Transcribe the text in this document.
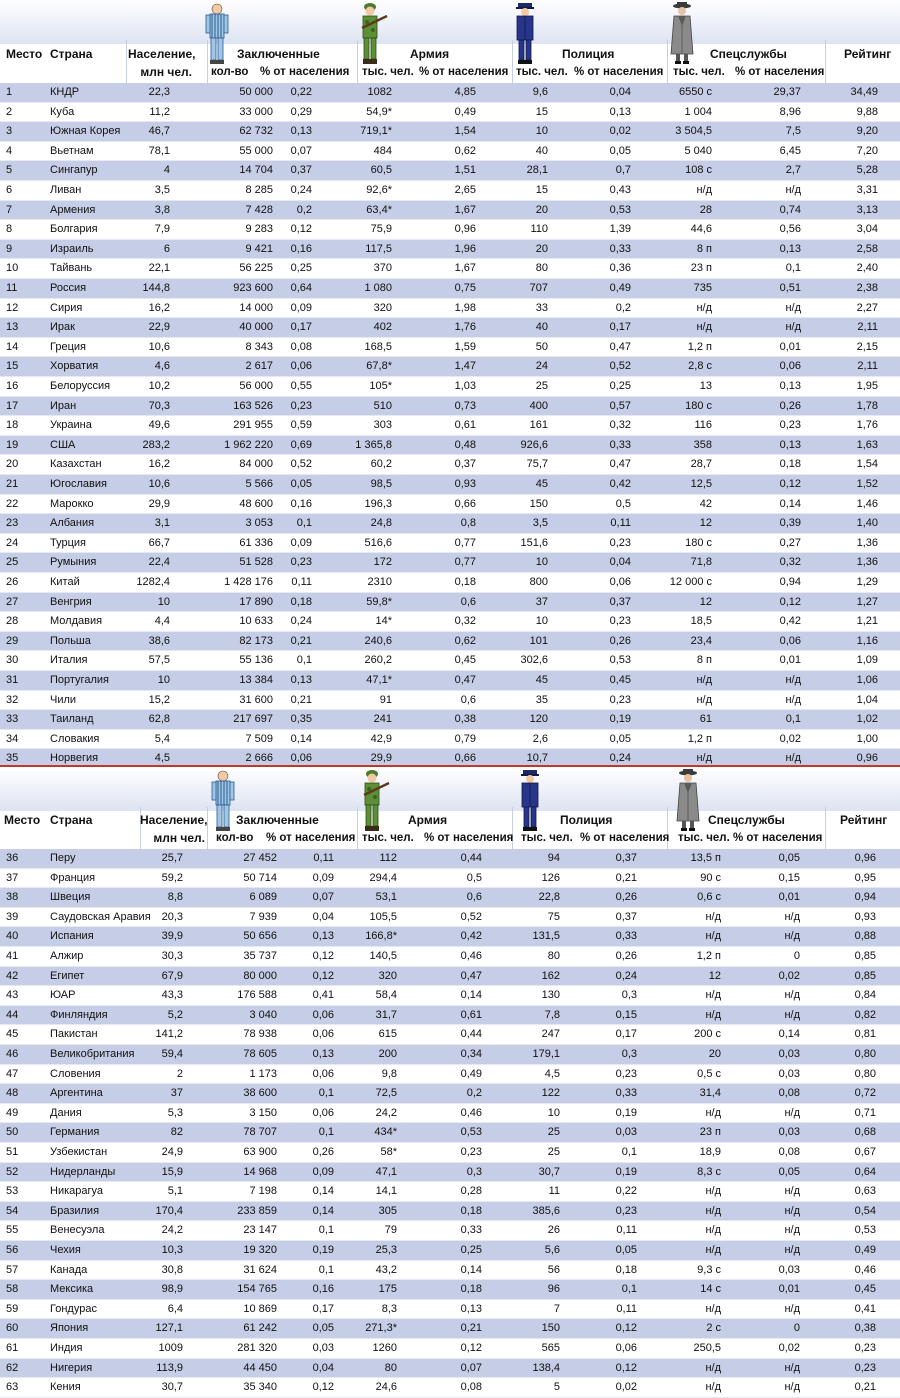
Место Страна	Население,
млн чел.
Заключенные
кол-во % от населения
Армия
тыс. чел. % от населения
Полиция
тыс. чел. % от населения
Спецслужбы
тыс. чел. % от населения
Рейтинг
1	КНДР	22,3	50 000	0,22	1082	4,85	9,6	0,04	6550 с	29,37	34,49
2	Куба	11,2	33 000	0,29	54,9*	0,49	15	0,13	1 004	8,96	9,88
3	Южная Корея	46,7	62 732	0,13	719,1*	1,54	10	0,02	3 504,5	7,5	9,20
4	Вьетнам	78,1	55 000	0,07	484	0,62	40	0,05	5 040	6,45	7,20
5	Сингапур	4	14 704	0,37	60,5	1,51	28,1	0,7	108 с	2,7	5,28
6	Ливан	3,5	8 285	0,24	92,6*	2,65	15	0,43	н/д	н/д	3,31
7	Армения	3,8	7 428	0,2	63,4*	1,67	20	0,53	28	0,74	3,13
8	Болгария	7,9	9 283	0,12	75,9	0,96	110	1,39	44,6	0,56	3,04
9	Израиль	6	9 421	0,16	117,5	1,96	20	0,33	8 п	0,13	2,58
10	Тайвань	22,1	56 225	0,25	370	1,67	80	0,36	23 п	0,1	2,40
11	Россия	144,8	923 600	0,64	1 080	0,75	707	0,49	735	0,51	2,38
12	Сирия	16,2	14 000	0,09	320	1,98	33	0,2	н/д	н/д	2,27
13	Ирак	22,9	40 000	0,17	402	1,76	40	0,17	н/д	н/д	2,11
14	Греция	10,6	8 343	0,08	168,5	1,59	50	0,47	1,2 п	0,01	2,15
15	Хорватия	4,6	2 617	0,06	67,8*	1,47	24	0,52	2,8 с	0,06	2,11
16	Белоруссия	10,2	56 000	0,55	105*	1,03	25	0,25	13	0,13	1,95
17	Иран	70,3	163 526	0,23	510	0,73	400	0,57	180 с	0,26	1,78
18	Украина	49,6	291 955	0,59	303	0,61	161	0,32	116	0,23	1,76
19	США	283,2	1 962 220	0,69	1 365,8	0,48	926,6	0,33	358	0,13	1,63
20	Казахстан	16,2	84 000	0,52	60,2	0,37	75,7	0,47	28,7	0,18	1,54
21	Югославия	10,6	5 566	0,05	98,5	0,93	45	0,42	12,5	0,12	1,52
22	Марокко	29,9	48 600	0,16	196,3	0,66	150	0,5	42	0,14	1,46
23	Албания	3,1	3 053	0,1	24,8	0,8	3,5	0,11	12	0,39	1,40
24	Турция	66,7	61 336	0,09	516,6	0,77	151,6	0,23	180 с	0,27	1,36
25	Румыния	22,4	51 528	0,23	172	0,77	10	0,04	71,8	0,32	1,36
26	Китай	1282,4	1 428 176	0,11	2310	0,18	800	0,06	12 000 с	0,94	1,29
27	Венгрия	10	17 890	0,18	59,8*	0,6	37	0,37	12	0,12	1,27
28	Молдавия	4,4	10 633	0,24	14*	0,32	10	0,23	18,5	0,42	1,21
29	Польша	38,6	82 173	0,21	240,6	0,62	101	0,26	23,4	0,06	1,16
30	Италия	57,5	55 136	0,1	260,2	0,45	302,6	0,53	8 п	0,01	1,09
31	Португалия	10	13 384	0,13	47,1*	0,47	45	0,45	н/д	н/д	1,06
32	Чили	15,2	31 600	0,21	91	0,6	35	0,23	н/д	н/д	1,04
33	Таиланд	62,8	217 697	0,35	241	0,38	120	0,19	61	0,1	1,02
34	Словакия	5,4	7 509	0,14	42,9	0,79	2,6	0,05	1,2 п	0,02	1,00
35	Норвегия	4,5	2 666	0,06	29,9	0,66	10,7	0,24	н/д	н/д	0,96
Место Страна	Население,
млн чел.
Заключенные
кол-во % от населения
Армия
тыс. чел. % от населения
Полиция
тыс. чел. % от населения
Спецслужбы
тыс. чел. % от населения
Рейтинг
36	Перу	25,7	27 452	0,11	112	0,44	94	0,37	13,5 п	0,05	0,96
37	Франция	59,2	50 714	0,09	294,4	0,5	126	0,21	90 с	0,15	0,95
38	Швеция	8,8	6 089	0,07	53,1	0,6	22,8	0,26	0,6 с	0,01	0,94
39	Саудовская Аравия 20,3	7 939	0,04	105,5	0,52	75	0,37	н/д	н/д	0,93
40	Испания	39,9	50 656	0,13	166,8*	0,42	131,5	0,33	н/д	н/д	0,88
41	Алжир	30,3	35 737	0,12	140,5	0,46	80	0,26	1,2 п	0	0,85
42	Египет	67,9	80 000	0,12	320	0,47	162	0,24	12	0,02	0,85
43	ЮАР	43,3	176 588	0,41	58,4	0,14	130	0,3	н/д	н/д	0,84
44	Финляндия	5,2	3 040	0,06	31,7	0,61	7,8	0,15	н/д	н/д	0,82
45	Пакистан	141,2	78 938	0,06	615	0,44	247	0,17	200 с	0,14	0,81
46	Великобритания	59,4	78 605	0,13	200	0,34	179,1	0,3	20	0,03	0,80
47	Словения	2	1 173	0,06	9,8	0,49	4,5	0,23	0,5 с	0,03	0,80
48	Аргентина	37	38 600	0,1	72,5	0,2	122	0,33	31,4	0,08	0,72
49	Дания	5,3	3 150	0,06	24,2	0,46	10	0,19	н/д	н/д	0,71
50	Германия	82	78 707	0,1	434*	0,53	25	0,03	23 п	0,03	0,68
51	Узбекистан	24,9	63 900	0,26	58*	0,23	25	0,1	18,9	0,08	0,67
52	Нидерланды	15,9	14 968	0,09	47,1	0,3	30,7	0,19	8,3 с	0,05	0,64
53	Никарагуа	5,1	7 198	0,14	14,1	0,28	11	0,22	н/д	н/д	0,63
54	Бразилия	170,4	233 859	0,14	305	0,18	385,6	0,23	н/д	н/д	0,54
55	Венесуэла	24,2	23 147	0,1	79	0,33	26	0,11	н/д	н/д	0,53
56	Чехия	10,3	19 320	0,19	25,3	0,25	5,6	0,05	н/д	н/д	0,49
57	Канада	30,8	31 624	0,1	43,2	0,14	56	0,18	9,3 с	0,03	0,46
58	Мексика	98,9	154 765	0,16	175	0,18	96	0,1	14 с	0,01	0,45
59	Гондурас	6,4	10 869	0,17	8,3	0,13	7	0,11	н/д	н/д	0,41
60	Япония	127,1	61 242	0,05	271,3*	0,21	150	0,12	2 с	0	0,38
61	Индия	1009	281 320	0,03	1260	0,12	565	0,06	250,5	0,02	0,23
62	Нигерия	113,9	44 450	0,04	80	0,07	138,4	0,12	н/д	н/д	0,23
63	Кения	30,7	35 340	0,12	24,6	0,08	5	0,02	н/д	н/д	0,21
